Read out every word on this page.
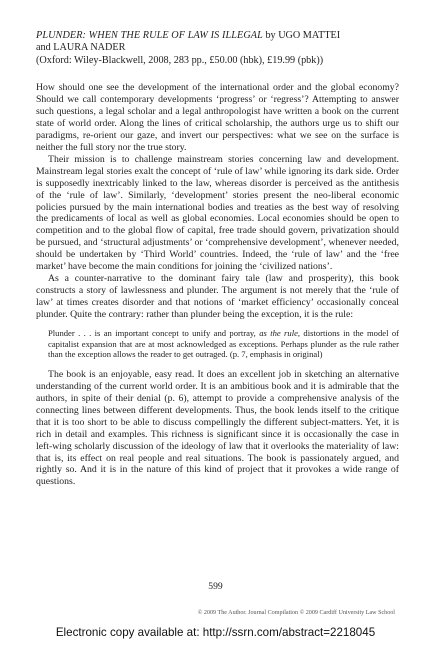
PLUNDER: WHEN THE RULE OF LAW IS ILLEGAL by UGO MATTEI
and LAURA NADER
(Oxford: Wiley-Blackwell, 2008, 283 pp., £50.00 (hbk), £19.99 (pbk))

How should one see the development of the international order and the global economy? Should we call contemporary developments ‘progress’ or ‘regress’? Attempting to answer such questions, a legal scholar and a legal anthropologist have written a book on the current state of world order. Along the lines of critical scholarship, the authors urge us to shift our paradigms, re-orient our gaze, and invert our perspectives: what we see on the surface is neither the full story nor the true story.

Their mission is to challenge mainstream stories concerning law and development. Mainstream legal stories exalt the concept of ‘rule of law’ while ignoring its dark side. Order is supposedly inextricably linked to the law, whereas disorder is perceived as the antithesis of the ‘rule of law’. Similarly, ‘development’ stories present the neo-liberal economic policies pursued by the main international bodies and treaties as the best way of resolving the predicaments of local as well as global economies. Local economies should be open to competition and to the global flow of capital, free trade should govern, privatization should be pursued, and ‘structural adjustments’ or ‘comprehensive development’, whenever needed, should be undertaken by ‘Third World’ countries. Indeed, the ‘rule of law’ and the ‘free market’ have become the main conditions for joining the ‘civilized nations’.

As a counter-narrative to the dominant fairy tale (law and prosperity), this book constructs a story of lawlessness and plunder. The argument is not merely that the ‘rule of law’ at times creates disorder and that notions of ‘market efficiency’ occasionally conceal plunder. Quite the contrary: rather than plunder being the exception, it is the rule:

Plunder . . . is an important concept to unify and portray, as the rule, distortions in the model of capitalist expansion that are at most acknowledged as exceptions. Perhaps plunder as the rule rather than the exception allows the reader to get outraged. (p. 7, emphasis in original)

The book is an enjoyable, easy read. It does an excellent job in sketching an alternative understanding of the current world order. It is an ambitious book and it is admirable that the authors, in spite of their denial (p. 6), attempt to provide a comprehensive analysis of the connecting lines between different developments. Thus, the book lends itself to the critique that it is too short to be able to discuss compellingly the different subject-matters. Yet, it is rich in detail and examples. This richness is significant since it is occasionally the case in left-wing scholarly discussion of the ideology of law that it overlooks the materiality of law: that is, its effect on real people and real situations. The book is passionately argued, and rightly so. And it is in the nature of this kind of project that it provokes a wide range of questions.

599
© 2009 The Author. Journal Compilation © 2009 Cardiff University Law School
Electronic copy available at: http://ssrn.com/abstract=2218045
